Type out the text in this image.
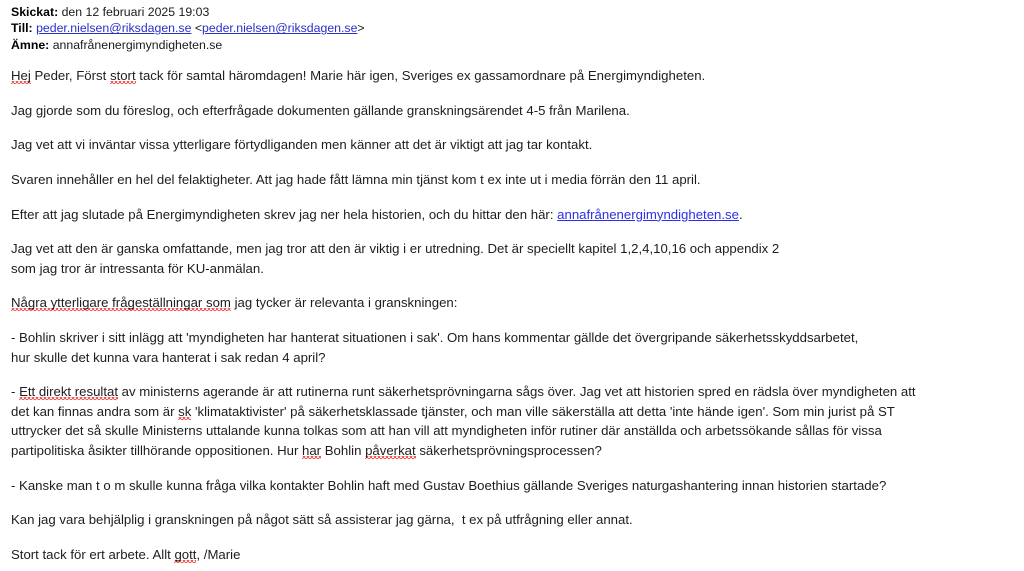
Skickat: den 12 februari 2025 19:03
Till: peder.nielsen@riksdagen.se <peder.nielsen@riksdagen.se>
Ämne: annafrånenergimyndigheten.se

Hej Peder, Först stort tack för samtal häromdagen! Marie här igen, Sveriges ex gassamordnare på Energimyndigheten.

Jag gjorde som du föreslog, och efterfrågade dokumenten gällande granskningsärendet 4-5 från Marilena.

Jag vet att vi inväntar vissa ytterligare förtydliganden men känner att det är viktigt att jag tar kontakt.

Svaren innehåller en hel del felaktigheter. Att jag hade fått lämna min tjänst kom t ex inte ut i media förrän den 11 april.

Efter att jag slutade på Energimyndigheten skrev jag ner hela historien, och du hittar den här: annafrånenergimyndigheten.se.

Jag vet att den är ganska omfattande, men jag tror att den är viktig i er utredning. Det är speciellt kapitel 1,2,4,10,16 och appendix 2
som jag tror är intressanta för KU-anmälan.

Några ytterligare frågeställningar som jag tycker är relevanta i granskningen:

- Bohlin skriver i sitt inlägg att 'myndigheten har hanterat situationen i sak'. Om hans kommentar gällde det övergripande säkerhetsskyddsarbetet,
hur skulle det kunna vara hanterat i sak redan 4 april?

- Ett direkt resultat av ministerns agerande är att rutinerna runt säkerhetsprövningarna sågs över. Jag vet att historien spred en rädsla över myndigheten att
det kan finnas andra som är sk 'klimataktivister' på säkerhetsklassade tjänster, och man ville säkerställa att detta 'inte hände igen'. Som min jurist på ST
uttrycker det så skulle Ministerns uttalande kunna tolkas som att han vill att myndigheten inför rutiner där anställda och arbetssökande sållas för vissa
partipolitiska åsikter tillhörande oppositionen. Hur har Bohlin påverkat säkerhetsprövningsprocessen?

- Kanske man t o m skulle kunna fråga vilka kontakter Bohlin haft med Gustav Boethius gällande Sveriges naturgashantering innan historien startade?

Kan jag vara behjälplig i granskningen på något sätt så assisterar jag gärna,  t ex på utfrågning eller annat.

Stort tack för ert arbete. Allt gott, /Marie
